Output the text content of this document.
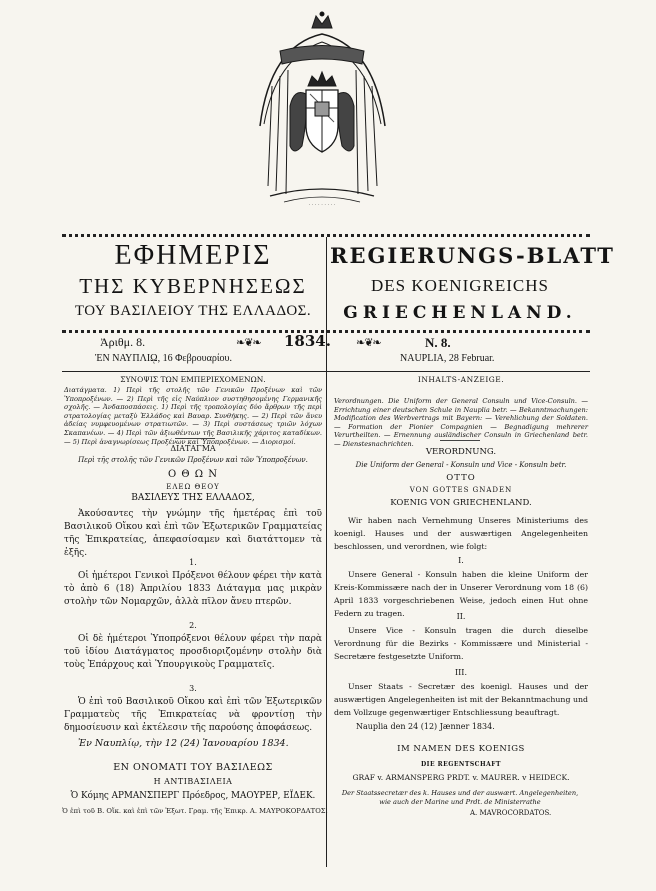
· · · · · · · · ·
ΕΦΗΜΕΡΙΣ
ΤΗΣ ΚΥΒΕΡΝΗΣΕΩΣ
ΤΟΥ ΒΑΣΙΛΕΙΟΥ ΤΗΣ ΕΛΛΑΔΟΣ.
REGIERUNGS-BLATT
DES KOENIGREICHS
GRIECHENLAND.
Ἀριθμ. 8.	❧❦❧ 1834. ❧❦❧	N. 8.
ἘΝ ΝΑΥΠΛΙῼ, 16 Φεβρουαρίου.	NAUPLIA, 28 Februar.
ΣΥΝΟΨΙΣ ΤΩΝ ΕΜΠΕΡΙΕΧΟΜΕΝΩΝ.
Διατάγματα. 1) Περὶ τῆς στολῆς τῶν Γενικῶν Προξένων καὶ τῶν Ὑποπροξένων. — 2) Περὶ τῆς εἰς Ναύπλιον συστηθησομένης Γερμανικῆς σχολῆς. — Ἀνδαποσπάσεις. 1) Περὶ τῆς τροπολογίας δύο ἄρθρων τῆς περὶ στρατολογίας μεταξὺ Ἑλλάδος καὶ Βαυαρ. Συνθήκης. — 2) Περὶ τῶν ἄνευ ἀδείας νυμφευομένων στρατιωτῶν. — 3) Περὶ συστάσεως τριῶν λόχων Σκαπανέων. — 4) Περὶ τῶν ἀξιωθέντων τῆς Βασιλικῆς χάριτος καταδίκων. — 5) Περὶ ἀναγνωρίσεως Προξένων καὶ Ὑποπροξένων. — Διορισμοί.
ΔΙΑΤΑΓΜΑ
Περὶ τῆς στολῆς τῶν Γενικῶν Προξένων καὶ τῶν Ὑποπροξένων.
Ο Θ Ω Ν
ΕΛΕΩ ΘΕΟΥ
ΒΑΣΙΛΕΥΣ ΤΗΣ ΕΛΛΑΔΟΣ,
Ἀκούσαντες τὴν γνώμην τῆς ἡμετέρας ἐπὶ τοῦ Βασιλικοῦ Οἴκου καὶ ἐπὶ τῶν Ἐξωτερικῶν Γραμματείας τῆς Ἐπικρατείας, ἀπεφασίσαμεν καὶ διατάττομεν τὰ ἑξῆς.
1.
Οἱ ἡμέτεροι Γενικοὶ Πρόξενοι θέλουν φέρει τὴν κατὰ τὸ ἀπὸ 6 (18) Ἀπριλίου 1833 Διάταγμα μας μικρὰν στολὴν τῶν Νομαρχῶν, ἀλλὰ πῖλον ἄνευ πτερῶν.
2.
Οἱ δὲ ἡμέτεροι Ὑποπρόξενοι θέλουν φέρει τὴν παρὰ τοῦ ἰδίου Διατάγματος προσδιοριζομένην στολὴν διὰ τοὺς Ἐπάρχους καὶ Ὑπουργικοὺς Γραμματεῖς.
3.
Ὁ ἐπὶ τοῦ Βασιλικοῦ Οἴκου καὶ ἐπὶ τῶν Ἐξωτερικῶν Γραμματεὺς τῆς Ἐπικρατείας νὰ φροντίσῃ τὴν δημοσίευσιν καὶ ἐκτέλεσιν τῆς παρούσης ἀποφάσεως.
Ἐν Ναυπλίῳ, τὴν 12 (24) Ἰανουαρίου 1834.
ΕΝ ΟΝΟΜΑΤΙ ΤΟΥ ΒΑΣΙΛΕΩΣ
Η ΑΝΤΙΒΑΣΙΛΕΙΑ
Ὁ Κόμης ΑΡΜΑΝΣΠΕΡΓ Πρόεδρος, ΜΑΟΥΡΕΡ, ΕΪΔΕΚ.
Ὁ ἐπὶ τοῦ Β. Οἴκ. καὶ ἐπὶ τῶν Ἐξωτ. Γραμ. τῆς Ἐπικρ. Α. ΜΑΥΡΟΚΟΡΔΑΤΟΣ.
INHALTS-ANZEIGE.
Verordnungen. Die Uniform der General Consuln und Vice-Consuln. — Errichtung einer deutschen Schule in Nauplia betr. — Bekanntmachungen: Modification des Werbvertrags mit Bayern: — Verehlichung der Soldaten. — Formation der Pionier Compagnien — Begnadigung mehrerer Verurtheilten. — Ernennung ausländischer Consuln in Griechenland betr. — Dienstesnachrichten.
VERORDNUNG.
Die Uniform der General - Konsuln und Vice - Konsuln betr.
OTTO
VON GOTTES GNADEN
KOENIG VON GRIECHENLAND.
Wir haben nach Vernehmung Unseres Ministeriums des koenigl. Hauses und der auswærtigen Angelegenheiten beschlossen, und verordnen, wie folgt:
I.
Unsere General - Konsuln haben die kleine Uniform der Kreis-Kommissære nach der in Unserer Verordnung vom 18 (6) April 1833 vorgeschriebenen Weise, jedoch einen Hut ohne Federn zu tragen.	II.
Unsere Vice - Konsuln tragen die durch dieselbe Verordnung für die Bezirks - Kommissære und Ministerial - Secretære festgesetzte Uniform.
III.
Unser Staats - Secretær des koenigl. Hauses und der auswærtigen Angelegenheiten ist mit der Bekanntmachung und dem Vollzuge gegenwærtiger Entschliessung beauftragt.
Nauplia den 24 (12) Jænner 1834.
IM NAMEN DES KOENIGS
DIE REGENTSCHAFT
GRAF v. ARMANSPERG PRDT. v. MAURER. v HEIDECK.
Der Staatssecretær des k. Hauses und der auswært. Angelegenheiten, wie auch der Marine und Prdt. de Ministerrathe
A. MAVROCORDATOS.
